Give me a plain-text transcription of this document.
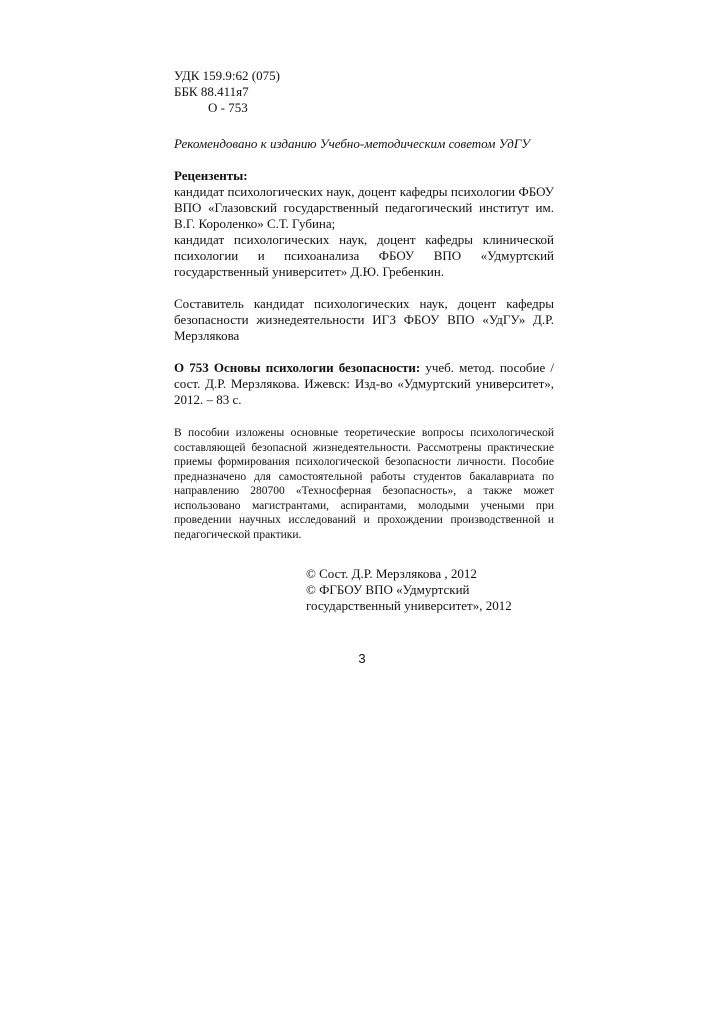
УДК 159.9:62 (075)
ББК 88.411я7
О - 753
Рекомендовано к изданию Учебно-методическим советом УдГУ
Рецензенты:

кандидат психологических наук, доцент кафедры психологии ФБОУ ВПО «Глазовский государственный педагогический институт им. В.Г. Короленко» С.Т. Губина;

кандидат психологических наук, доцент кафедры клинической психологии и психоанализа ФБОУ ВПО «Удмуртский государственный университет» Д.Ю. Гребенкин.

Составитель кандидат психологических наук, доцент кафедры безопасности жизнедеятельности ИГЗ ФБОУ ВПО «УдГУ» Д.Р. Мерзлякова

О 753 Основы психологии безопасности: учеб. метод. пособие / сост. Д.Р. Мерзлякова. Ижевск: Изд-во «Удмуртский университет», 2012. – 83 с.

В пособии изложены основные теоретические вопросы психологической составляющей безопасной жизнедеятельности. Рассмотрены практические приемы формирования психологической безопасности личности. Пособие предназначено для самостоятельной работы студентов бакалавриата по направлению 280700 «Техносферная безопасность», а также может использовано магистрантами, аспирантами, молодыми учеными при проведении научных исследований и прохождении производственной и педагогической практики.

© Сост. Д.Р. Мерзлякова , 2012
© ФГБОУ ВПО «Удмуртский
государственный университет», 2012
3
